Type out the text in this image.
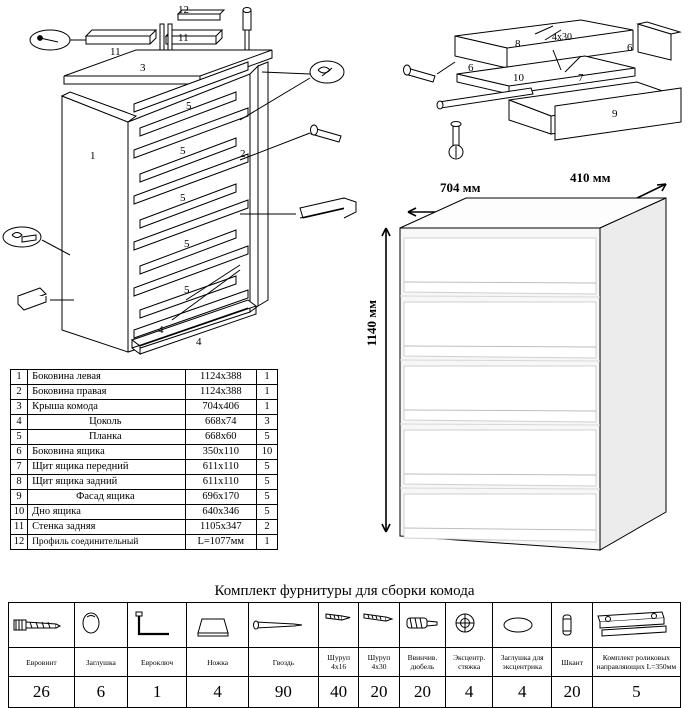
12
11
11
3
5
5
5
5
5
1	2
4
4
8
6
6
10	7
9
4x30
704 мм
410 мм
1140 мм
1	Боковина левая	1124х388	1
2	Боковина правая	1124х388	1
3	Крыша комода	704х406	1
4	Цоколь	668х74	3
5	Планка	668х60	5
6	Боковина ящика	350х110	10
7	Щит ящика передний	611х110	5
8	Щит ящика задний	611х110	5
9	Фасад ящика	696х170	5
10	Дно ящика	640х346	5
11	Стенка задняя	1105х347	2
12	Профиль соединительный	L=1077мм	1
Комплект фурнитуры для сборки комода

Евровинт	Заглушка	Евроключ	Ножка	Гвоздь	Шуруп 4х16	Шуруп 4х30	Ввинчив. дюбель	Эксцентр. стяжка	Заглушка для эксцентрика	Шкант	Комплект роликовых направляющих L=350мм
26	6	1	4	90	40	20	20	4	4	20	5
